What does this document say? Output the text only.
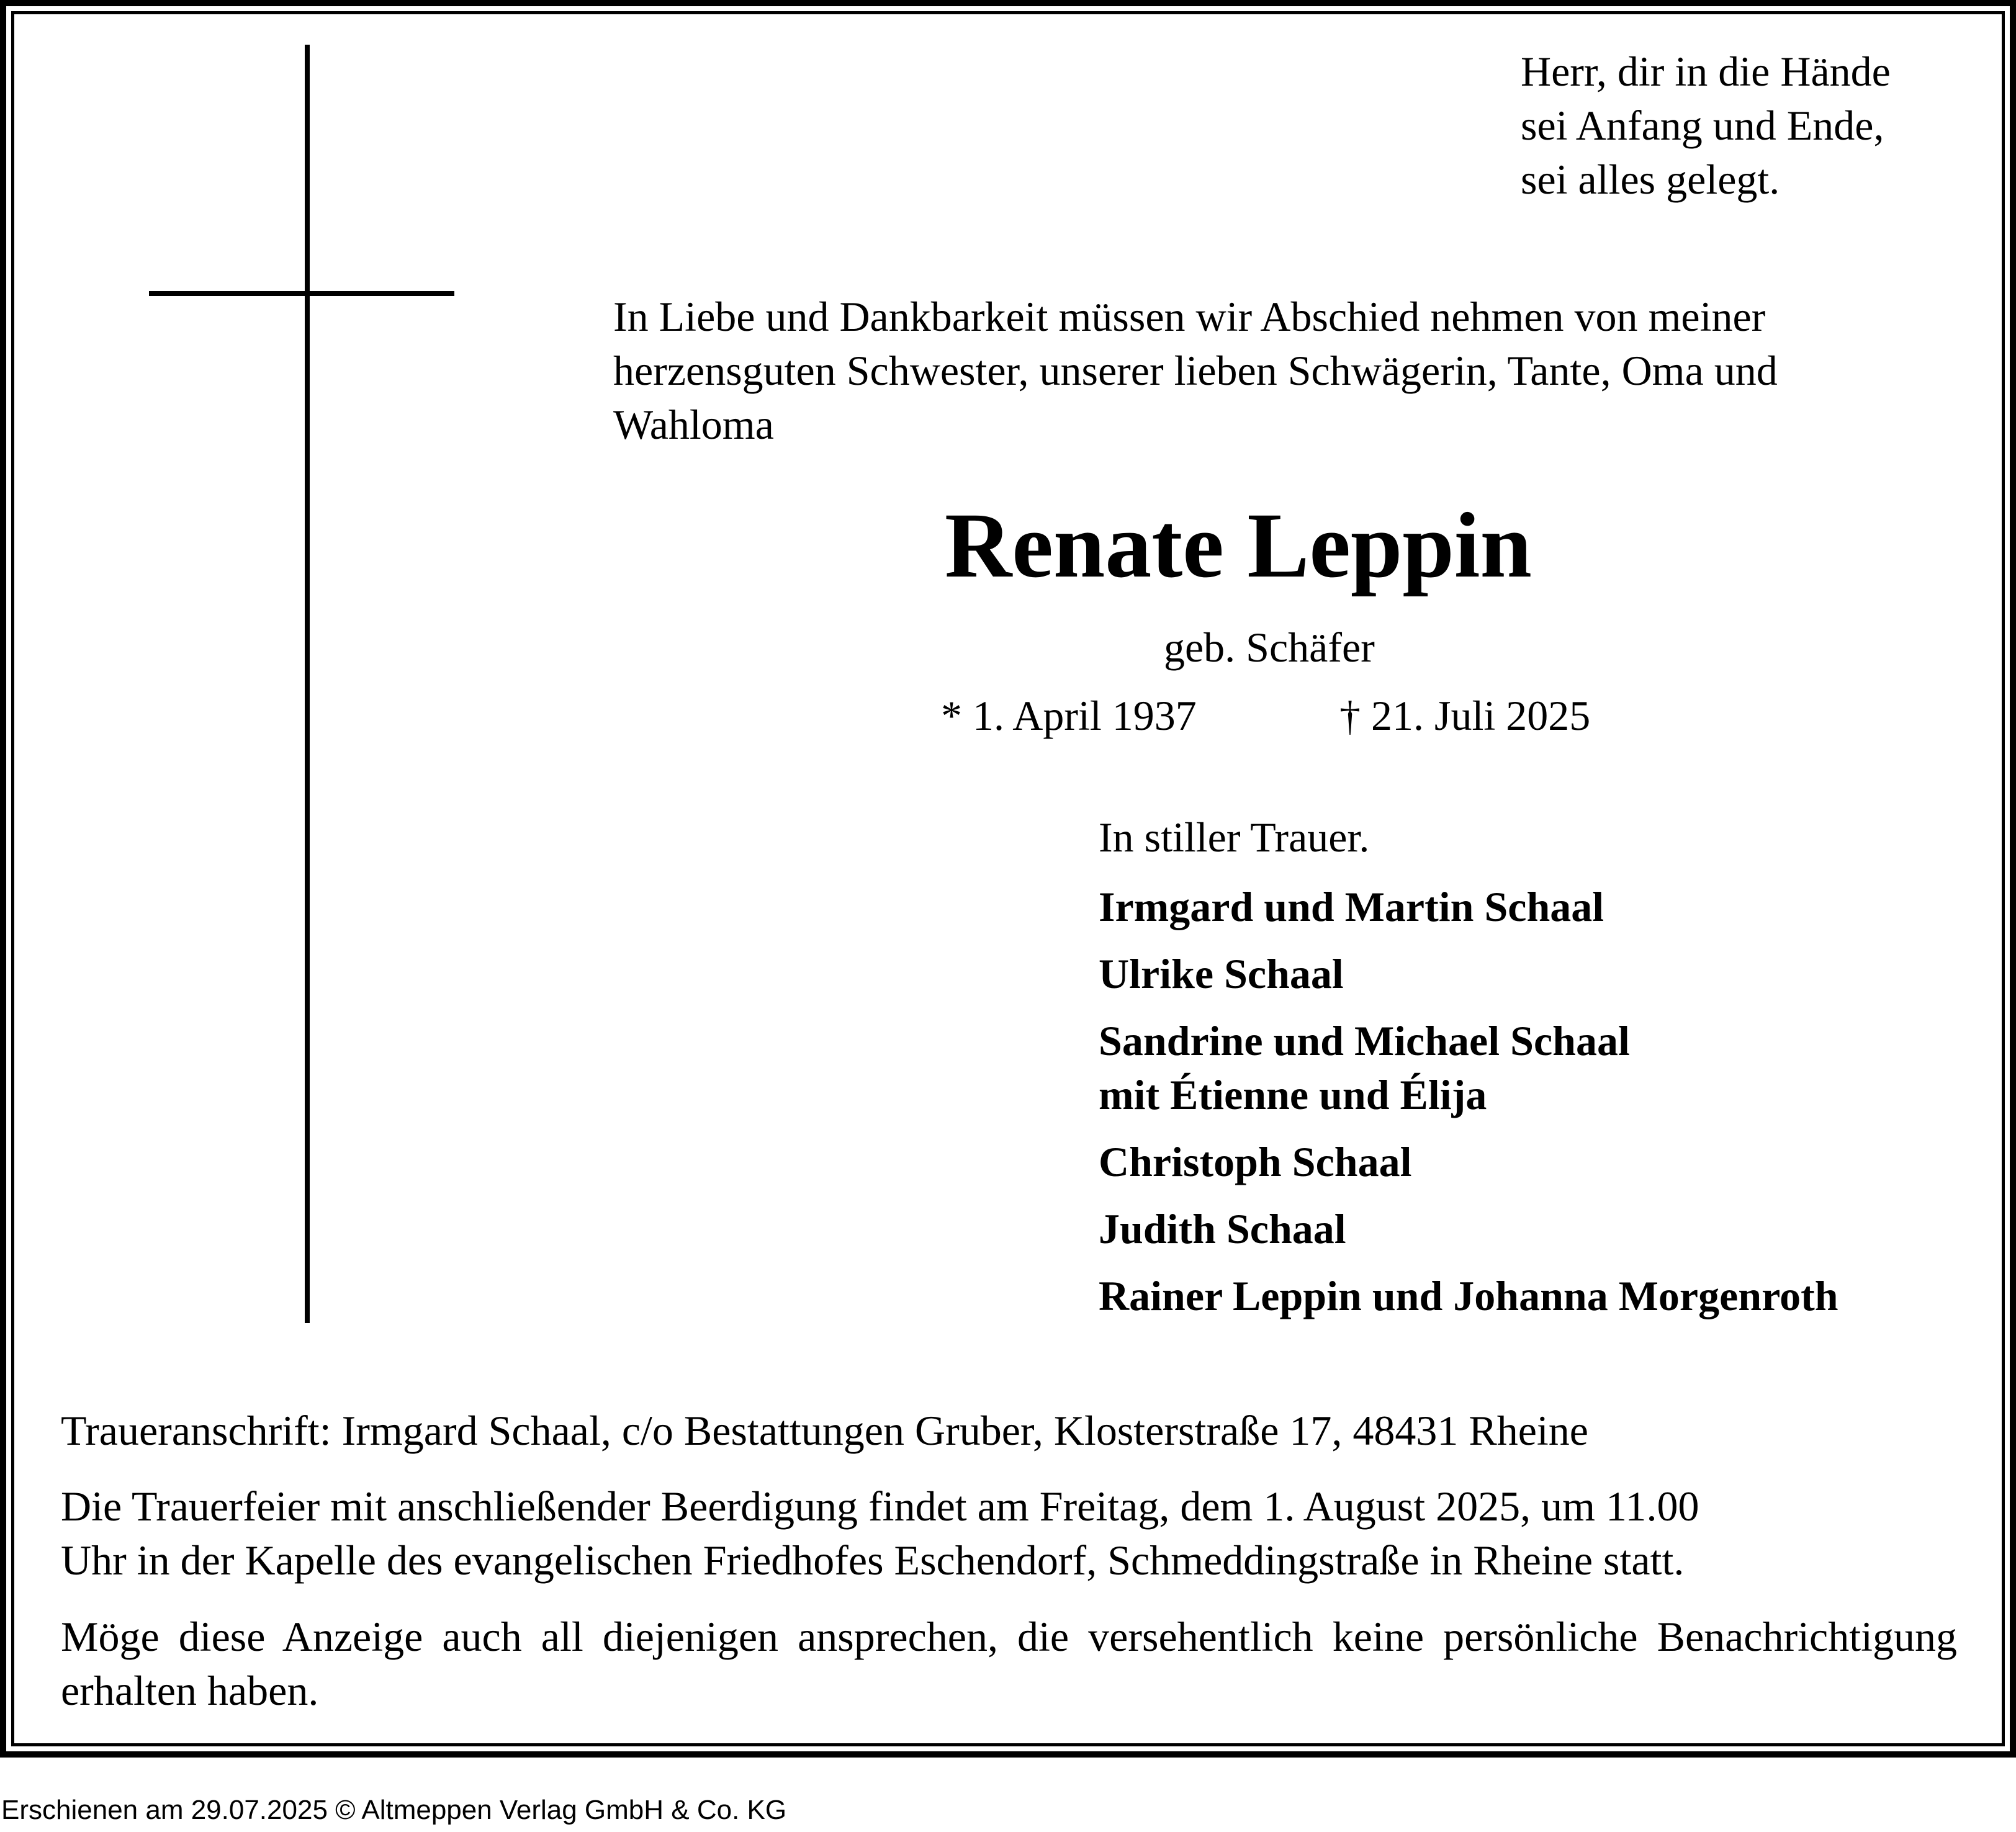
Herr, dir in die Hände

sei Anfang und Ende,

sei alles gelegt.

In Liebe und Dankbarkeit müssen wir Abschied nehmen von meiner

herzensguten Schwester, unserer lieben Schwägerin, Tante, Oma und

Wahloma

Renate Leppin
geb. Schäfer
* 1. April 1937	† 21. Juli 2025
In stiller Trauer.
Irmgard und Martin Schaal
Ulrike Schaal
Sandrine und Michael Schaal
mit Étienne und Élija
Christoph Schaal
Judith Schaal
Rainer Leppin und Johanna Morgenroth

Traueranschrift: Irmgard Schaal, c/o Bestattungen Gruber, Klosterstraße 17, 48431 Rheine

Die Trauerfeier mit anschließender Beerdigung findet am Freitag, dem 1. August 2025, um 11.00

Uhr in der Kapelle des evangelischen Friedhofes Eschendorf, Schmeddingstraße in Rheine statt.

Möge diese Anzeige auch all diejenigen ansprechen, die versehentlich keine persönliche Benachrichtigung erhalten haben.

Erschienen am 29.07.2025 © Altmeppen Verlag GmbH & Co. KG
